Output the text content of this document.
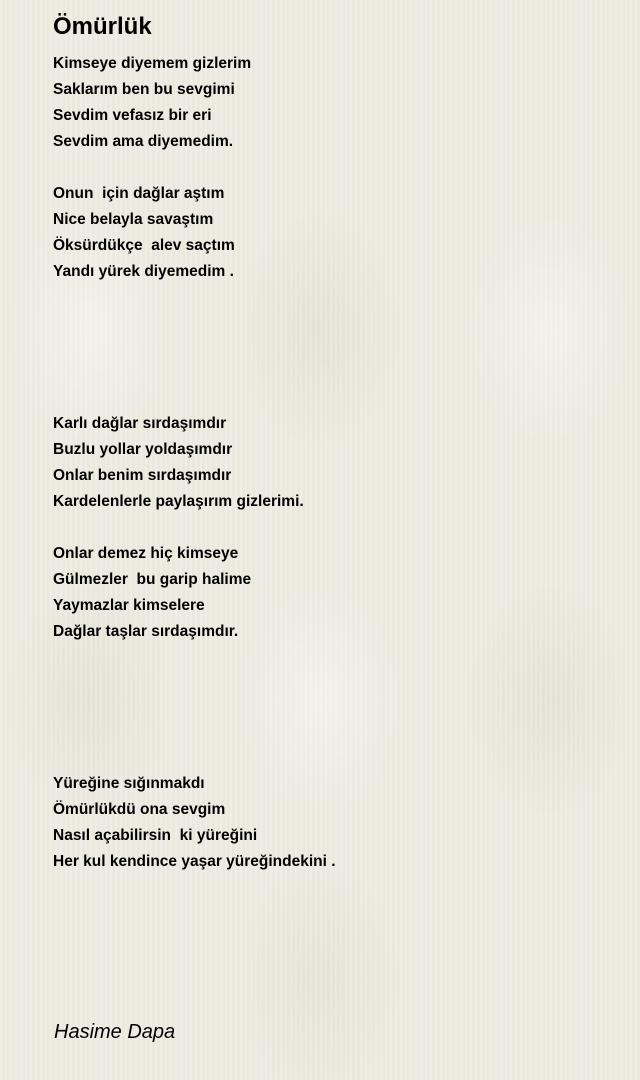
Ömürlük
Kimseye diyemem gizlerim
Saklarım ben bu sevgimi
Sevdim vefasız bir eri
Sevdim ama diyemedim.
Onun  için dağlar aştım
Nice belayla savaştım
Öksürdükçe  alev saçtım
Yandı yürek diyemedim .
Karlı dağlar sırdaşımdır
Buzlu yollar yoldaşımdır
Onlar benim sırdaşımdır
Kardelenlerle paylaşırım gizlerimi.
Onlar demez hiç kimseye
Gülmezler  bu garip halime
Yaymazlar kimselere
Dağlar taşlar sırdaşımdır.
Yüreğine sığınmakdı
Ömürlükdü ona sevgim
Nasıl açabilirsin  ki yüreğini
Her kul kendince yaşar yüreğindekini .

Hasime Dapa
